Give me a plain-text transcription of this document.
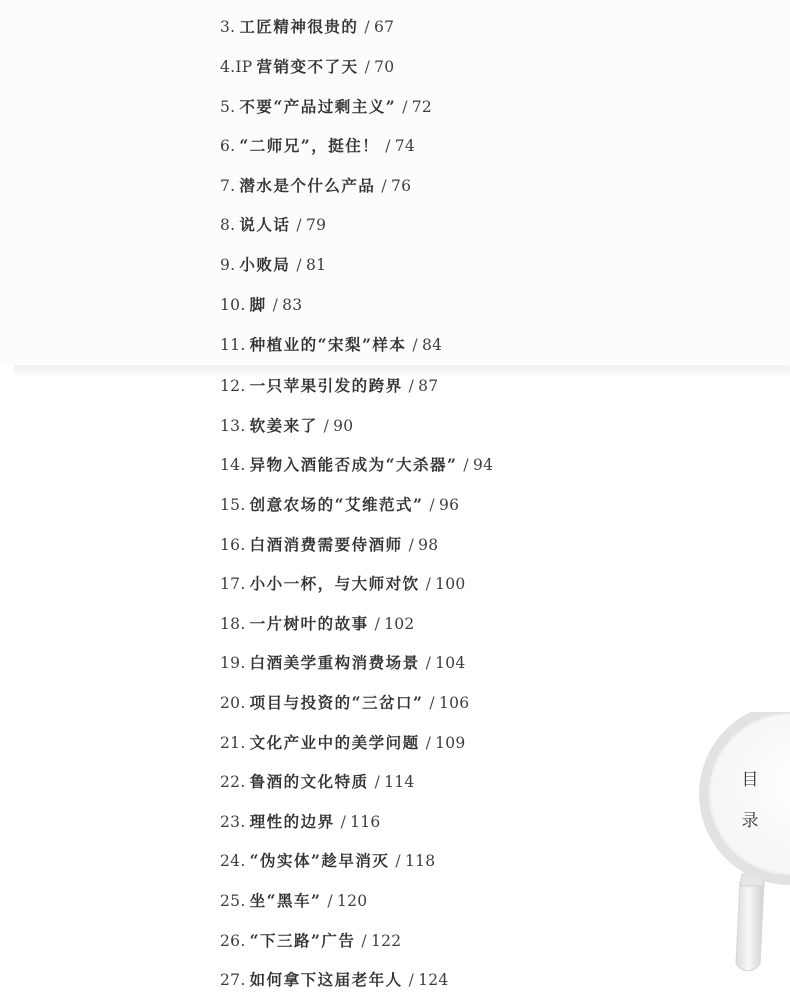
3. 工匠精神很贵的 / 67
4.IP 营销变不了天 / 70
5. 不要“产品过剩主义” / 72
6. “二师兄”，挺住！ / 74
7. 潜水是个什么产品 / 76
8. 说人话 / 79
9. 小败局 / 81
10. 脚 / 83
11. 种植业的“宋梨”样本 / 84
12. 一只苹果引发的跨界 / 87
13. 软姜来了 / 90
14. 异物入酒能否成为“大杀器” / 94
15. 创意农场的“艾维范式” / 96
16. 白酒消费需要侍酒师 / 98
17. 小小一杯，与大师对饮 / 100
18. 一片树叶的故事 / 102
19. 白酒美学重构消费场景 / 104
20. 项目与投资的“三岔口” / 106
21. 文化产业中的美学问题 / 109
22. 鲁酒的文化特质 / 114
23. 理性的边界 / 116
24. “伪实体”趁早消灭 / 118
25. 坐“黑车” / 120
26. “下三路”广告 / 122
27. 如何拿下这届老年人 / 124
目
录
